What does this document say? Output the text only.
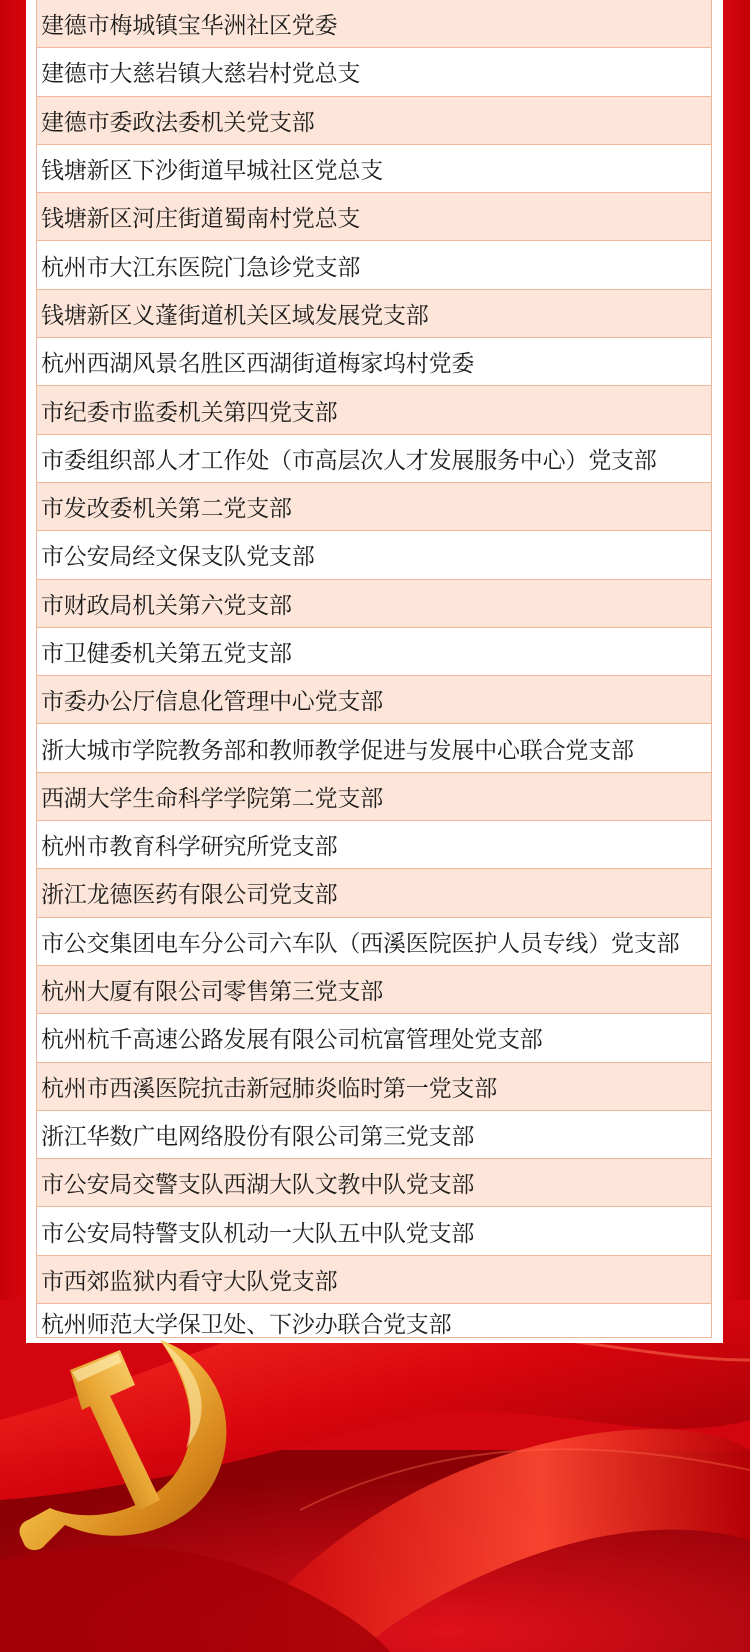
建德市梅城镇宝华洲社区党委
建德市大慈岩镇大慈岩村党总支
建德市委政法委机关党支部
钱塘新区下沙街道早城社区党总支
钱塘新区河庄街道蜀南村党总支
杭州市大江东医院门急诊党支部
钱塘新区义蓬街道机关区域发展党支部
杭州西湖风景名胜区西湖街道梅家坞村党委
市纪委市监委机关第四党支部
市委组织部人才工作处（市高层次人才发展服务中心）党支部
市发改委机关第二党支部
市公安局经文保支队党支部
市财政局机关第六党支部
市卫健委机关第五党支部
市委办公厅信息化管理中心党支部
浙大城市学院教务部和教师教学促进与发展中心联合党支部
西湖大学生命科学学院第二党支部
杭州市教育科学研究所党支部
浙江龙德医药有限公司党支部
市公交集团电车分公司六车队（西溪医院医护人员专线）党支部
杭州大厦有限公司零售第三党支部
杭州杭千高速公路发展有限公司杭富管理处党支部
杭州市西溪医院抗击新冠肺炎临时第一党支部
浙江华数广电网络股份有限公司第三党支部
市公安局交警支队西湖大队文教中队党支部
市公安局特警支队机动一大队五中队党支部
市西郊监狱内看守大队党支部
杭州师范大学保卫处、下沙办联合党支部
